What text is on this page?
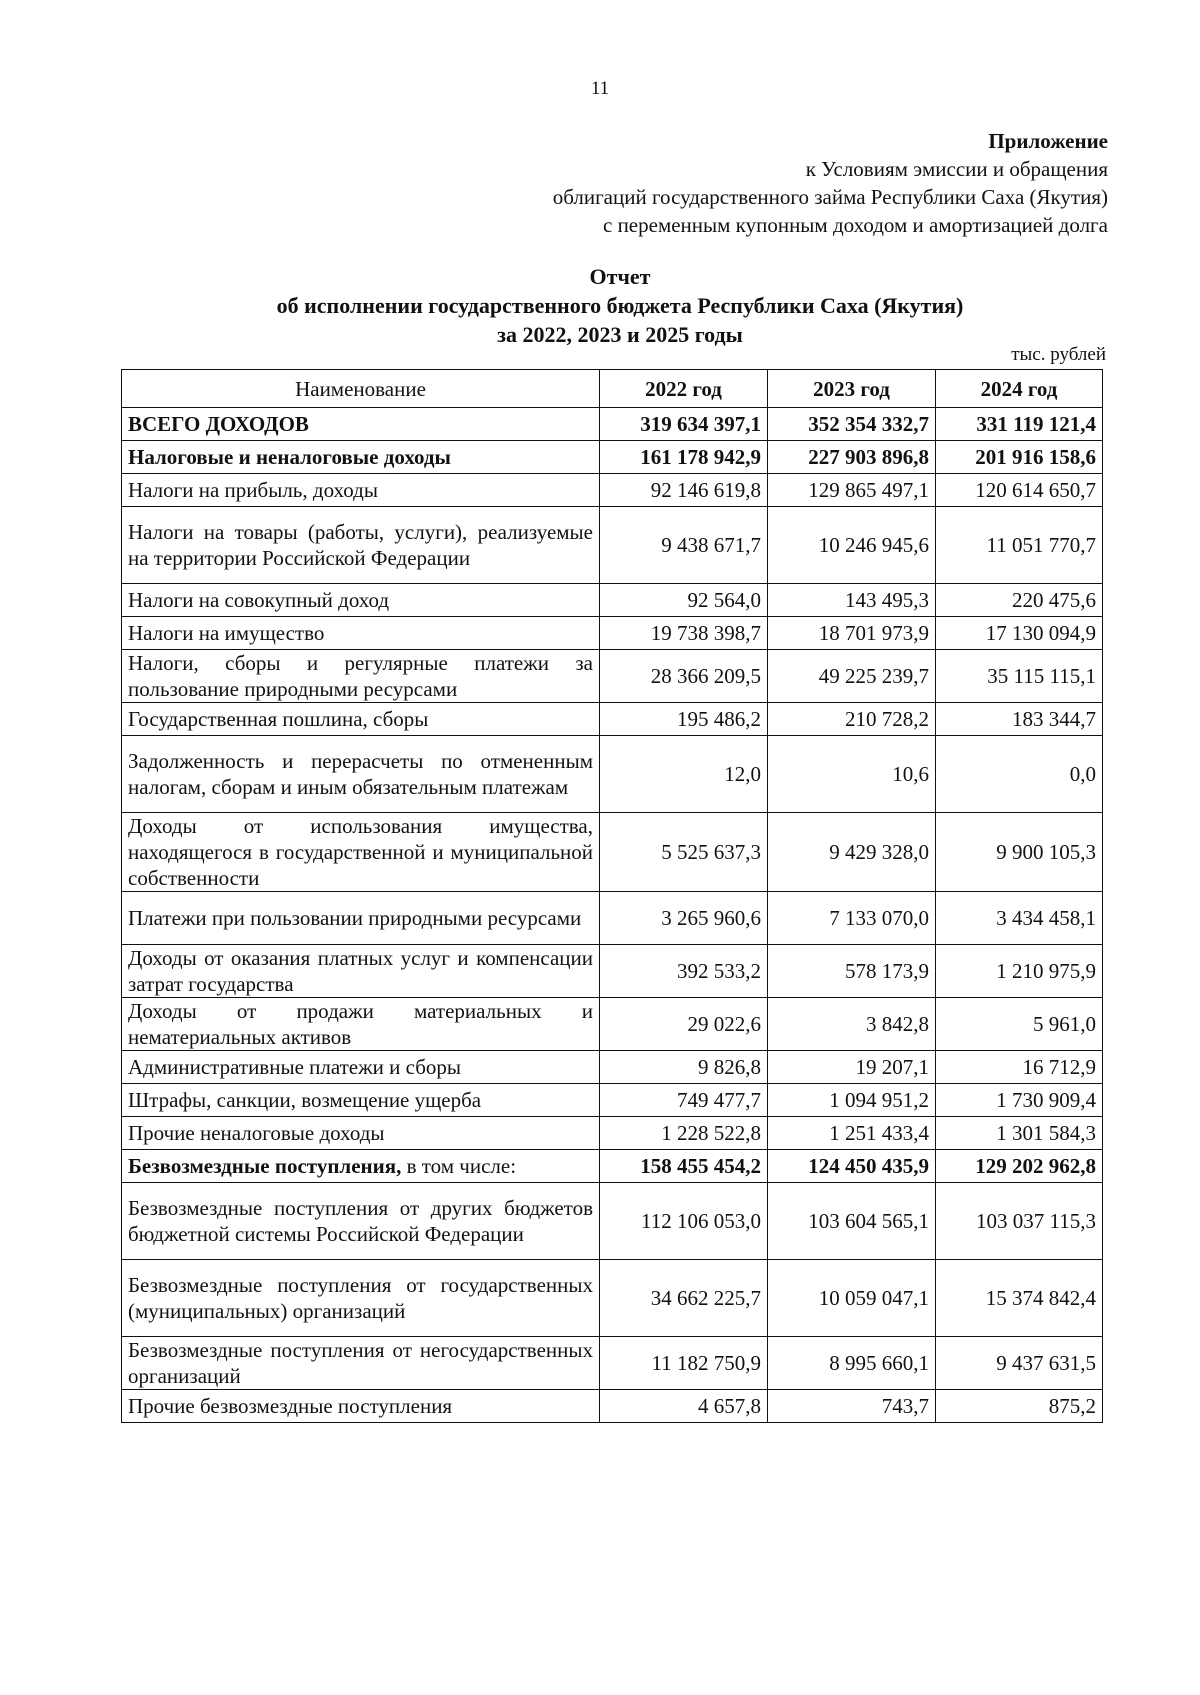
11
Приложение
к Условиям эмиссии и обращения
облигаций государственного займа Республики Саха (Якутия)
с переменным купонным доходом и амортизацией долга
Отчет
об исполнении государственного бюджета Республики Саха (Якутия)
за 2022, 2023 и 2025 годы
тыс. рублей
Наименование	2022 год	2023 год	2024 год
ВСЕГО ДОХОДОВ	319 634 397,1	352 354 332,7	331 119 121,4
Налоговые и неналоговые доходы	161 178 942,9	227 903 896,8	201 916 158,6
Налоги на прибыль, доходы	92 146 619,8	129 865 497,1	120 614 650,7
Налоги на товары (работы, услуги), реализуемые на территории Российской Федерации	9 438 671,7	10 246 945,6	11 051 770,7
Налоги на совокупный доход	92 564,0	143 495,3	220 475,6
Налоги на имущество	19 738 398,7	18 701 973,9	17 130 094,9
Налоги, сборы и регулярные платежи за пользование природными ресурсами	28 366 209,5	49 225 239,7	35 115 115,1
Государственная пошлина, сборы	195 486,2	210 728,2	183 344,7
Задолженность и перерасчеты по отмененным налогам, сборам и иным обязательным платежам	12,0	10,6	0,0
Доходы от использования имущества, находящегося в государственной и муниципальной собственности	5 525 637,3	9 429 328,0	9 900 105,3
Платежи при пользовании природными ресурсами	3 265 960,6	7 133 070,0	3 434 458,1
Доходы от оказания платных услуг и компенсации затрат государства	392 533,2	578 173,9	1 210 975,9
Доходы от продажи материальных и нематериальных активов	29 022,6	3 842,8	5 961,0
Административные платежи и сборы	9 826,8	19 207,1	16 712,9
Штрафы, санкции, возмещение ущерба	749 477,7	1 094 951,2	1 730 909,4
Прочие неналоговые доходы	1 228 522,8	1 251 433,4	1 301 584,3
Безвозмездные поступления, в том числе:	158 455 454,2	124 450 435,9	129 202 962,8
Безвозмездные поступления от других бюджетов бюджетной системы Российской Федерации	112 106 053,0	103 604 565,1	103 037 115,3
Безвозмездные поступления от государственных (муниципальных) организаций	34 662 225,7	10 059 047,1	15 374 842,4
Безвозмездные поступления от негосударственных организаций	11 182 750,9	8 995 660,1	9 437 631,5
Прочие безвозмездные поступления	4 657,8	743,7	875,2
